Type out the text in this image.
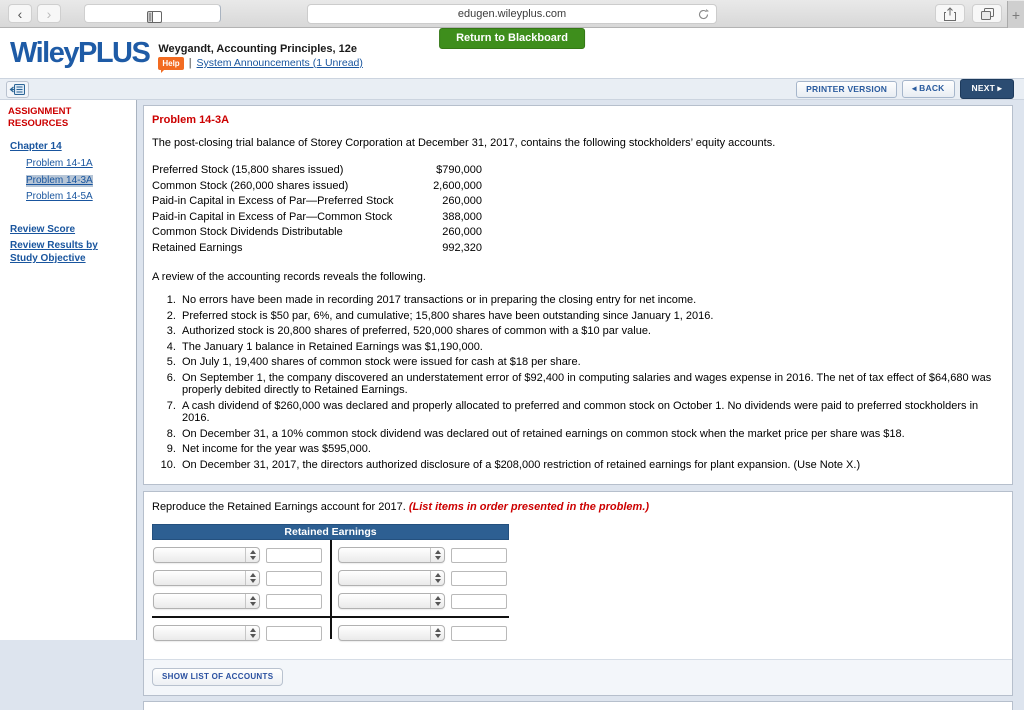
‹ ›	edugen.wileyplus.com	+
Return to Blackboard
WileyPLUS Weygandt, Accounting Principles, 12e
Help | System Announcements (1 Unread)
PRINTER VERSION	◂ BACK	NEXT ▸
ASSIGNMENT RESOURCES
Chapter 14
Problem 14-1A
Problem 14-3A
Problem 14-5A
Review Score
Review Results by Study Objective
Problem 14-3A
The post-closing trial balance of Storey Corporation at December 31, 2017, contains the following stockholders’ equity accounts.
Preferred Stock (15,800 shares issued)	$790,000
Common Stock (260,000 shares issued)	2,600,000
Paid-in Capital in Excess of Par—Preferred Stock	260,000
Paid-in Capital in Excess of Par—Common Stock	388,000
Common Stock Dividends Distributable	260,000
Retained Earnings	992,320
A review of the accounting records reveals the following.
1. No errors have been made in recording 2017 transactions or in preparing the closing entry for net income.
2. Preferred stock is $50 par, 6%, and cumulative; 15,800 shares have been outstanding since January 1, 2016.
3. Authorized stock is 20,800 shares of preferred, 520,000 shares of common with a $10 par value.
4. The January 1 balance in Retained Earnings was $1,190,000.
5. On July 1, 19,400 shares of common stock were issued for cash at $18 per share.
6. On September 1, the company discovered an understatement error of $92,400 in computing salaries and wages expense in 2016. The net of tax effect of $64,680 was properly debited directly to Retained Earnings.
7. A cash dividend of $260,000 was declared and properly allocated to preferred and common stock on October 1. No dividends were paid to preferred stockholders in 2016.
8. On December 31, a 10% common stock dividend was declared out of retained earnings on common stock when the market price per share was $18.
9. Net income for the year was $595,000.
10. On December 31, 2017, the directors authorized disclosure of a $208,000 restriction of retained earnings for plant expansion. (Use Note X.)
Reproduce the Retained Earnings account for 2017. (List items in order presented in the problem.)
Retained Earnings
SHOW LIST OF ACCOUNTS
